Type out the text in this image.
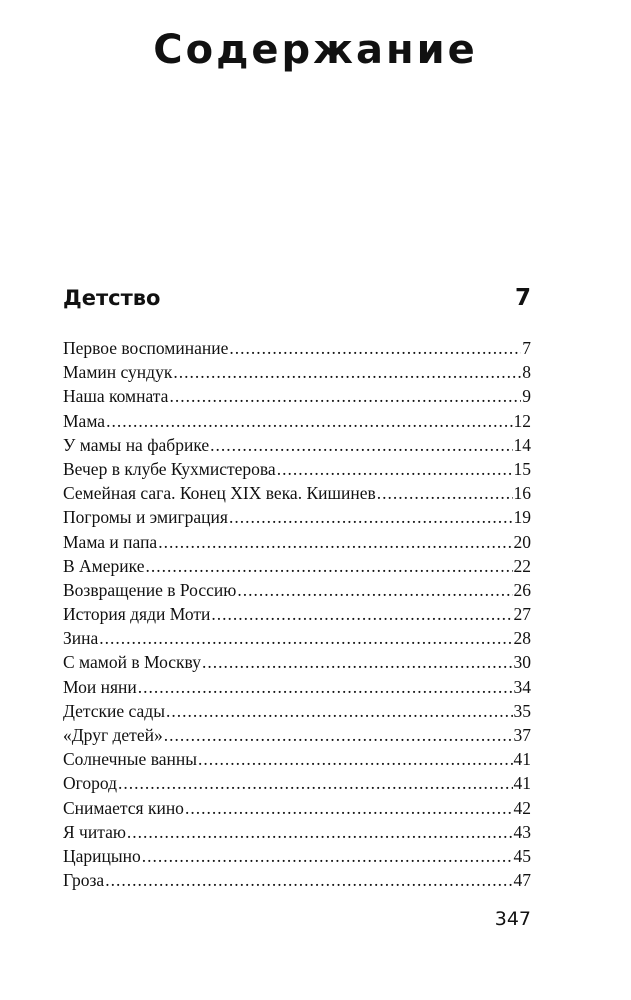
Содержание
Детство	7
Первое воспоминание .....	7
Мамин сундук .....	8
Наша комната .....	9
Мама .....	12
У мамы на фабрике .....	14
Вечер в клубе Кухмистерова .....	15
Семейная сага. Конец XIX века. Кишинев .....	16
Погромы и эмиграция .....	19
Мама и папа .....	20
В Америке .....	22
Возвращение в Россию .....	26
История дяди Моти .....	27
Зина .....	28
С мамой в Москву .....	30
Мои няни .....	34
Детские сады .....	35
«Друг детей» .....	37
Солнечные ванны .....	41
Огород .....	41
Снимается кино .....	42
Я читаю .....	43
Царицыно .....	45
Гроза .....	47
347
